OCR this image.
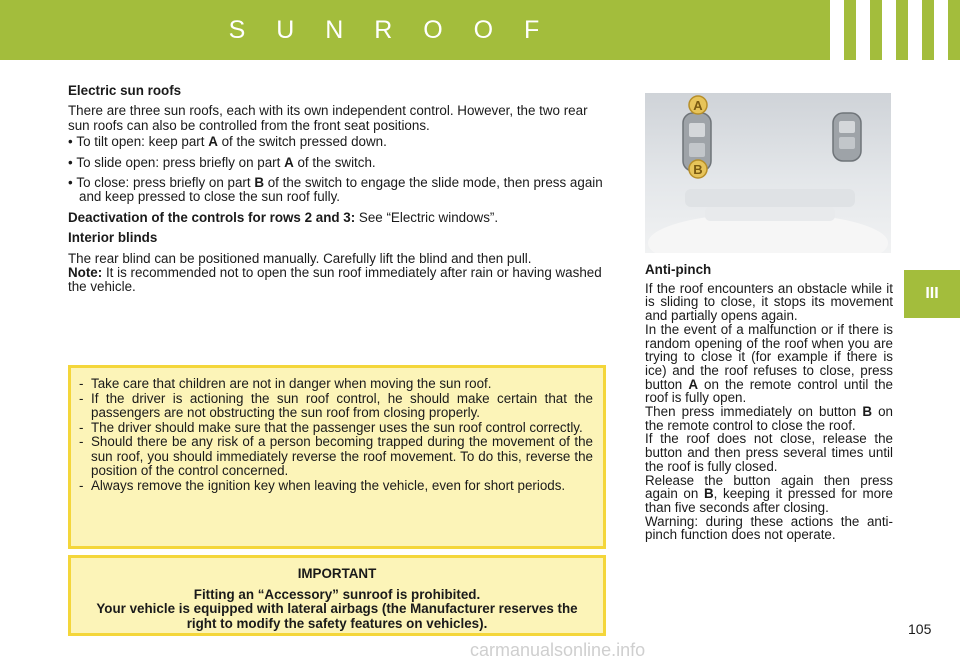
S U N R O O F
III

Electric sun roofs

There are three sun roofs, each with its own independent control. However, the two rear sun roofs can also be controlled from the front seat positions.

• To tilt open: keep part A of the switch pressed down.
• To slide open: press briefly on part A of the switch.
• To close: press briefly on part B of the switch to engage the slide mode, then press again and keep pressed to close the sun roof fully.

Deactivation of the controls for rows 2 and 3: See “Electric windows”.

Interior blinds

The rear blind can be positioned manually. Carefully lift the blind and then pull.
Note: It is recommended not to open the sun roof immediately after rain or having washed the vehicle.

A
B

Anti-pinch

If the roof encounters an obstacle while it is sliding to close, it stops its movement and partially opens again.
In the event of a malfunction or if there is random opening of the roof when you are trying to close it (for example if there is ice) and the roof refuses to close, press button A on the remote control until the roof is fully open.
Then press immediately on button B on the remote control to close the roof.
If the roof does not close, release the button and then press several times until the roof is fully closed.
Release the button again then press again on B, keeping it pressed for more than five seconds after closing.
Warning: during these actions the anti-pinch function does not operate.

- Take care that children are not in danger when moving the sun roof.
- If the driver is actioning the sun roof control, he should make certain that the passengers are not obstructing the sun roof from closing properly.
- The driver should make sure that the passenger uses the sun roof control correctly.
- Should there be any risk of a person becoming trapped during the movement of the sun roof, you should immediately reverse the roof movement. To do this, reverse the position of the control concerned.
- Always remove the ignition key when leaving the vehicle, even for short periods.
IMPORTANT
Fitting an “Accessory” sunroof is prohibited.
Your vehicle is equipped with lateral airbags (the Manufacturer reserves the right to modify the safety features on vehicles).	105
carmanualsonline.info
